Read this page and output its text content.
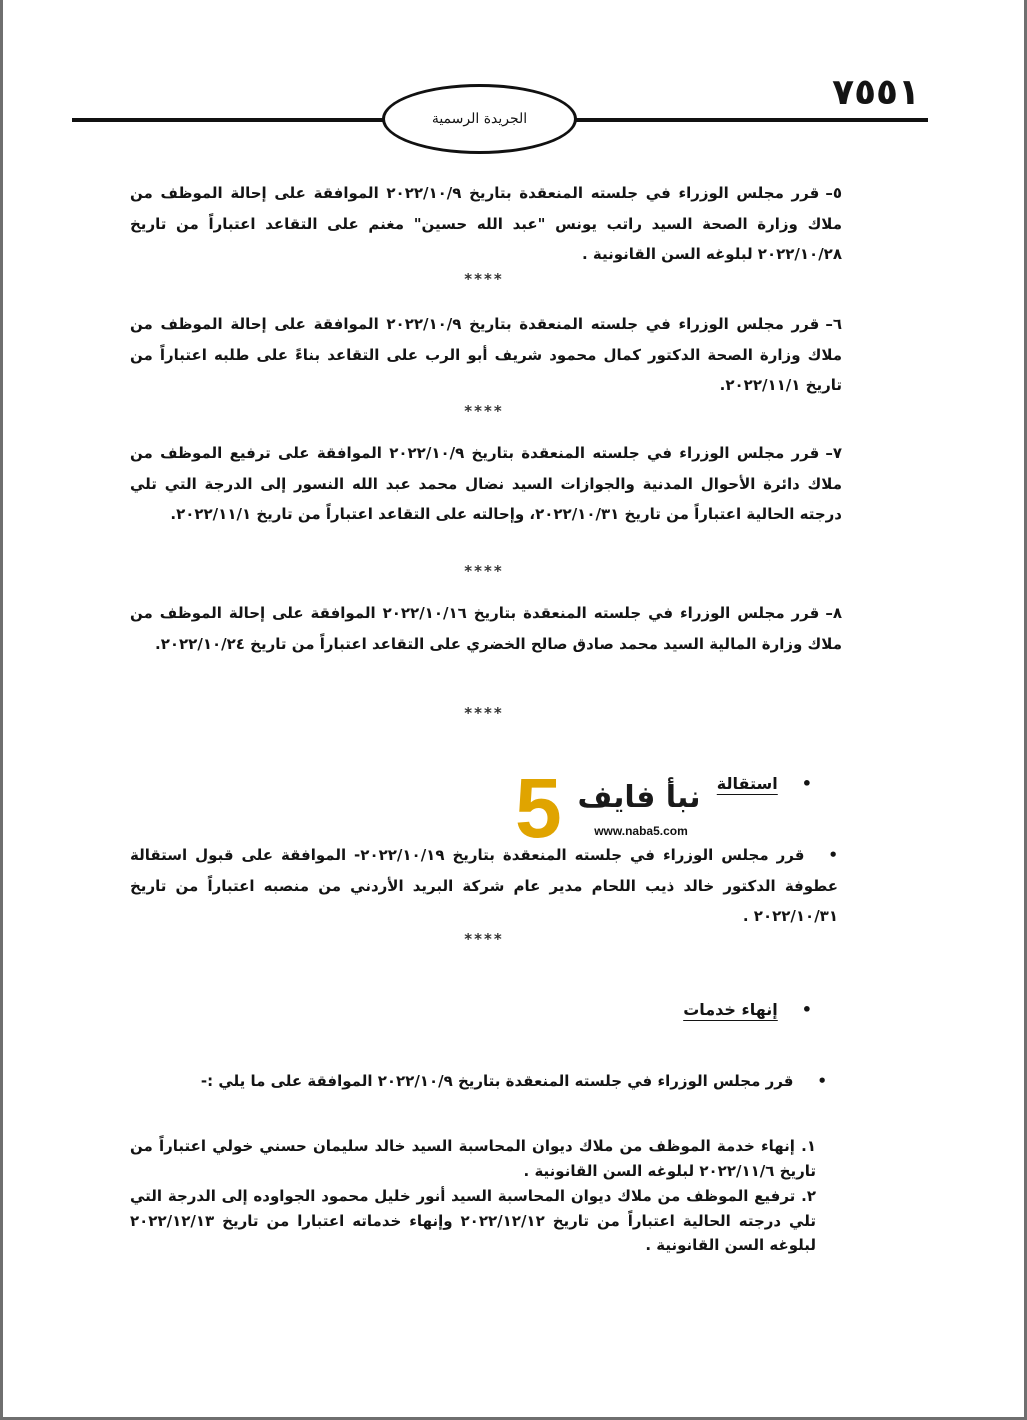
الجريدة الرسمية
٧٥٥١

٥–قرر مجلس الوزراء في جلسته المنعقدة بتاريخ ٢٠٢٢/١٠/٩ الموافقة على إحالة الموظف من ملاك وزارة الصحة السيد راتب يونس "عبد الله حسين" مغنم على التقاعد اعتباراً من تاريخ ٢٠٢٢/١٠/٢٨ لبلوغه السن القانونية .

****

٦–قرر مجلس الوزراء في جلسته المنعقدة بتاريخ ٢٠٢٢/١٠/٩ الموافقة على إحالة الموظف من ملاك وزارة الصحة الدكتور كمال محمود شريف أبو الرب على التقاعد بناءً على طلبه اعتباراً من تاريخ ٢٠٢٢/١١/١.

****

٧–قرر مجلس الوزراء في جلسته المنعقدة بتاريخ ٢٠٢٢/١٠/٩ الموافقة على ترفيع الموظف من ملاك دائرة الأحوال المدنية والجوازات السيد نضال محمد عبد الله النسور إلى الدرجة التي تلي درجته الحالية اعتباراً من تاريخ ٢٠٢٢/١٠/٣١، وإحالته على التقاعد اعتباراً من تاريخ ٢٠٢٢/١١/١.

****

٨–قرر مجلس الوزراء في جلسته المنعقدة بتاريخ ٢٠٢٢/١٠/١٦ الموافقة على إحالة الموظف من ملاك وزارة المالية السيد محمد صادق صالح الخضري على التقاعد اعتباراً من تاريخ ٢٠٢٢/١٠/٢٤.

****
•استقالة

•قرر مجلس الوزراء في جلسته المنعقدة بتاريخ ٢٠٢٢/١٠/١٩- الموافقة على قبول استقالة عطوفة الدكتور خالد ذيب اللحام مدير عام شركة البريد الأردني من منصبه اعتباراً من تاريخ ٢٠٢٢/١٠/٣١ .

****
5 نبأ فايف
www.naba5.com
•إنهاء خدمات

•قرر مجلس الوزراء في جلسته المنعقدة بتاريخ ٢٠٢٢/١٠/٩ الموافقة على ما يلي :-

١. إنهاء خدمة الموظف من ملاك ديوان المحاسبة السيد خالد سليمان حسني خولي اعتباراً من تاريخ ٢٠٢٢/١١/٦ لبلوغه السن القانونية .

٢. ترفيع الموظف من ملاك ديوان المحاسبة السيد أنور خليل محمود الجواوده إلى الدرجة التي تلي درجته الحالية اعتباراً من تاريخ ٢٠٢٢/١٢/١٢ وإنهاء خدماته اعتبارا من تاريخ ٢٠٢٢/١٢/١٣ لبلوغه السن القانونية .
